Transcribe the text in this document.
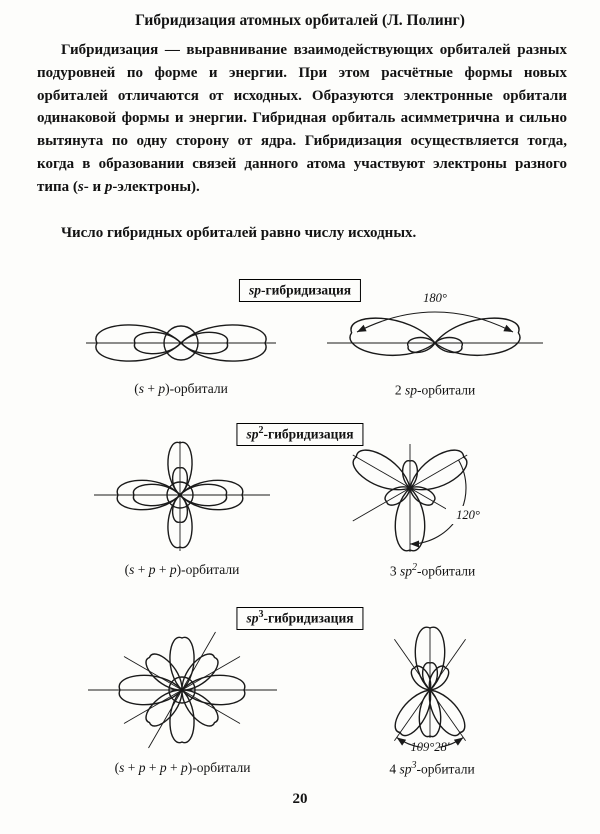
Гибридизация атомных орбиталей (Л. Полинг)

Гибридизация — выравнивание взаимодействующих орбиталей разных подуровней по форме и энергии. При этом расчётные формы новых орбиталей отличаются от исходных. Образуются электронные орбитали одинаковой формы и энергии. Гибридная орбиталь асимметрична и сильно вытянута по одну сторону от ядра. Гибридизация осуществляется тогда, когда в образовании связей данного атома участвуют электроны разного типа (s- и p-электроны).

Число гибридных орбиталей равно числу исходных.

sp-гибридизация
(s + p)-орбитали
180°
2 sp-орбитали
$sp^2$-гибридизация
(s + p + p)-орбитали
120°
3 $sp^2$-орбитали
$sp^3$-гибридизация
(s + p + p + p)-орбитали
109°28′
4 $sp^3$-орбитали
20
